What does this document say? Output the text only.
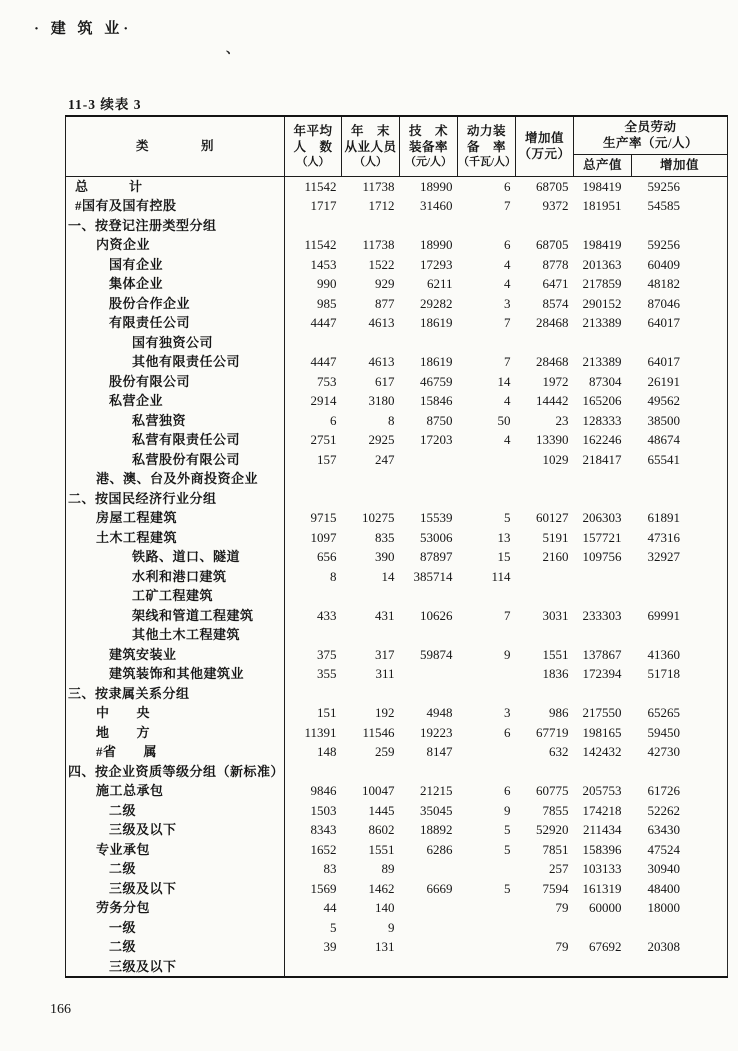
· 建 筑 业·
、
11-3 续表 3
类　　　　别

年平均
人　数
（人）

年　末
从业人员
（人）

技　术
装备率
（元/人）

动力装
备　率
（千瓦/人）

增加值
（万元）

全员劳动
生产率（元/人）

						总产值	增加值
总　　　计	11542	11738	18990	6	68705	198419	59256
#国有及国有控股	1717	1712	31460	7	9372	181951	54585
一、按登记注册类型分组							
内资企业	11542	11738	18990	6	68705	198419	59256
国有企业	1453	1522	17293	4	8778	201363	60409
集体企业	990	929	6211	4	6471	217859	48182
股份合作企业	985	877	29282	3	8574	290152	87046
有限责任公司	4447	4613	18619	7	28468	213389	64017
国有独资公司							
其他有限责任公司	4447	4613	18619	7	28468	213389	64017
股份有限公司	753	617	46759	14	1972	87304	26191
私营企业	2914	3180	15846	4	14442	165206	49562
私营独资	6	8	8750	50	23	128333	38500
私营有限责任公司	2751	2925	17203	4	13390	162246	48674
私营股份有限公司	157	247			1029	218417	65541
港、澳、台及外商投资企业							
二、按国民经济行业分组							
房屋工程建筑	9715	10275	15539	5	60127	206303	61891
土木工程建筑	1097	835	53006	13	5191	157721	47316
铁路、道口、隧道	656	390	87897	15	2160	109756	32927
水利和港口建筑	8	14	385714	114			
工矿工程建筑							
架线和管道工程建筑	433	431	10626	7	3031	233303	69991
其他土木工程建筑							
建筑安装业	375	317	59874	9	1551	137867	41360
建筑装饰和其他建筑业	355	311			1836	172394	51718
三、按隶属关系分组							
中　　央	151	192	4948	3	986	217550	65265
地　　方	11391	11546	19223	6	67719	198165	59450
#省　　属	148	259	8147		632	142432	42730
四、按企业资质等级分组（新标准）							
施工总承包	9846	10047	21215	6	60775	205753	61726
二级	1503	1445	35045	9	7855	174218	52262
三级及以下	8343	8602	18892	5	52920	211434	63430
专业承包	1652	1551	6286	5	7851	158396	47524
二级	83	89			257	103133	30940
三级及以下	1569	1462	6669	5	7594	161319	48400
劳务分包	44	140			79	60000	18000
一级	5	9					
二级	39	131			79	67692	20308
三级及以下							
166
